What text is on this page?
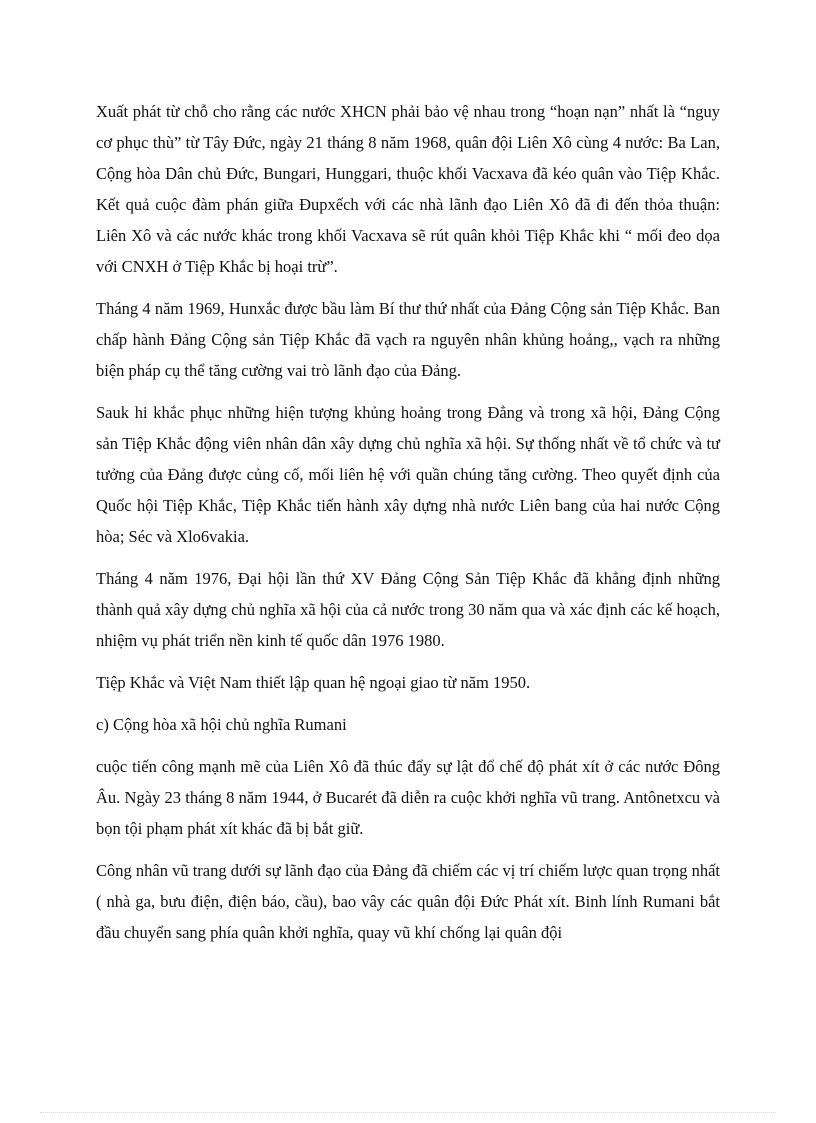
Xuất phát từ chỗ cho rằng các nước XHCN phải bảo vệ nhau trong “hoạn nạn” nhất là “nguy cơ phục thù” từ Tây Đức, ngày 21 tháng 8 năm 1968, quân đội Liên Xô cùng 4 nước: Ba Lan, Cộng hòa Dân chủ Đức, Bungari, Hunggari, thuộc khối Vacxava đã kéo quân vào Tiệp Khắc. Kết quả cuộc đàm phán giữa Đupxếch với các nhà lãnh đạo Liên Xô đã đi đến thỏa thuận: Liên Xô và các nước khác trong khối Vacxava sẽ rút quân khỏi Tiệp Khắc khi “ mối đeo dọa với CNXH ở Tiệp Khắc bị hoại trừ”.

Tháng 4 năm 1969, Hunxắc được bầu làm Bí thư thứ nhất của Đảng Cộng sản Tiệp Khắc. Ban chấp hành Đảng Cộng sản Tiệp Khắc đã vạch ra nguyên nhân khủng hoảng,, vạch ra những biện pháp cụ thể tăng cường vai trò lãnh đạo của Đảng.

Sauk hi khắc phục những hiện tượng khủng hoảng trong Đẳng và trong xã hội, Đảng Cộng sản Tiệp Khắc động viên nhân dân xây dựng chủ nghĩa xã hội. Sự thống nhất về tổ chức và tư tưởng của Đảng được củng cố, mối liên hệ với quần chúng tăng cường. Theo quyết định của Quốc hội Tiệp Khắc, Tiệp Khắc tiến hành xây dựng nhà nước Liên bang của hai nước Cộng hòa; Séc và Xlo6vakia.

Tháng 4 năm 1976, Đại hội lần thứ XV Đảng Cộng Sản Tiệp Khắc đã khẳng định những thành quả xây dựng chủ nghĩa xã hội của cả nước trong 30 năm qua và xác định các kế hoạch, nhiệm vụ phát triển nền kinh tế quốc dân 1976 1980.

Tiệp Khắc và Việt Nam thiết lập quan hệ ngoại giao từ năm 1950.

c) Cộng hòa xã hội chủ nghĩa Rumani

cuộc tiến công mạnh mẽ của Liên Xô đã thúc đẩy sự lật đổ chế độ phát xít ở các nước Đông Âu. Ngày 23 tháng 8 năm 1944, ở Bucarét đã diễn ra cuộc khởi nghĩa vũ trang. Antônetxcu và bọn tội phạm phát xít khác đã bị bắt giữ.

Công nhân vũ trang dưới sự lãnh đạo của Đảng đã chiếm các vị trí chiếm lược quan trọng nhất ( nhà ga, bưu điện, điện báo, cầu), bao vây các quân đội Đức Phát xít. Binh lính Rumani bắt đầu chuyển sang phía quân khởi nghĩa, quay vũ khí chống lại quân đội
